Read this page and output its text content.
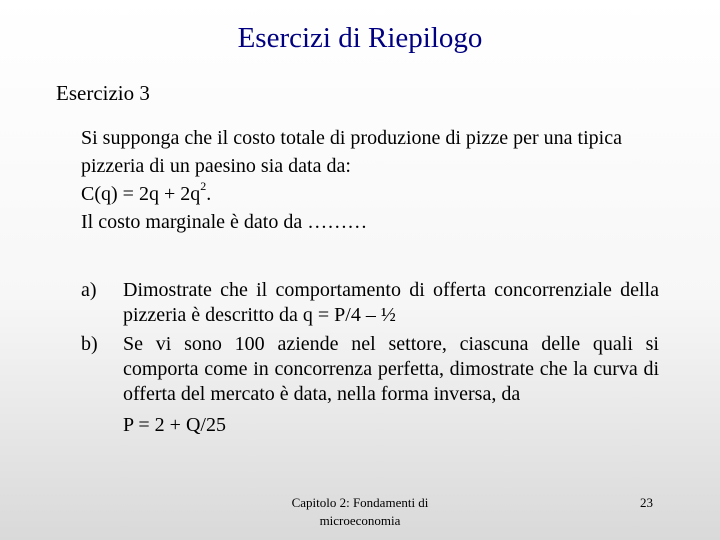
Esercizi di Riepilogo
Esercizio 3

Si supponga che il costo totale di produzione di pizze per una tipica pizzeria di un paesino sia data da:

$C(q) = 2q + 2q^2$.

Il costo marginale è dato da ………

a) Dimostrate che il comportamento di offerta concorrenziale della pizzeria è descritto da q = P/4 – ½
b) Se vi sono 100 aziende nel settore, ciascuna delle quali si comporta come in concorrenza perfetta, dimostrate che la curva di offerta del mercato è data, nella forma inversa, da
P = 2 + Q/25
Capitolo 2: Fondamenti di microeconomia
23
